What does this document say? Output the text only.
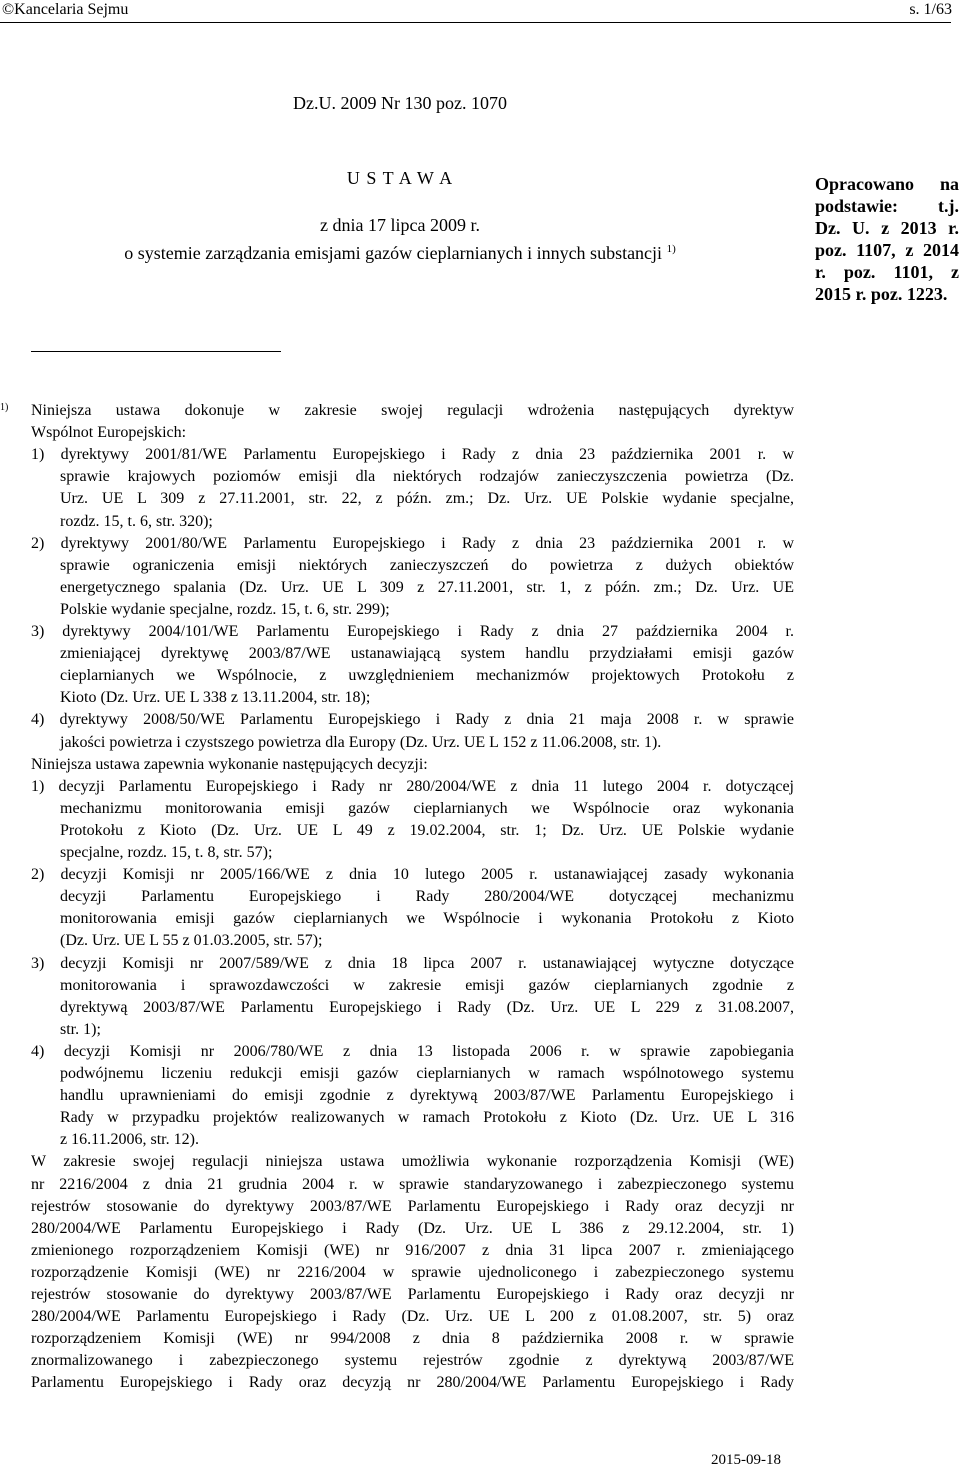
©Kancelaria Sejmu	s. 1/63
Dz.U. 2009 Nr 130 poz. 1070
U S T A W A
z dnia 17 lipca 2009 r.
o systemie zarządzania emisjami gazów cieplarnianych i innych substancji $^{1)}$
Opracowano na
podstawie: t.j.
Dz. U. z 2013 r.
poz. 1107, z 2014
r. poz. 1101, z
2015 r. poz. 1223.
1) Niniejsza ustawa dokonuje w zakresie swojej regulacji wdrożenia następujących dyrektyw
Wspólnot Europejskich:
1) dyrektywy 2001/81/WE Parlamentu Europejskiego i Rady z dnia 23 października 2001 r. w
sprawie krajowych poziomów emisji dla niektórych rodzajów zanieczyszczenia powietrza (Dz.
Urz. UE L 309 z 27.11.2001, str. 22, z późn. zm.; Dz. Urz. UE Polskie wydanie specjalne,
rozdz. 15, t. 6, str. 320);
2) dyrektywy 2001/80/WE Parlamentu Europejskiego i Rady z dnia 23 października 2001 r. w
sprawie ograniczenia emisji niektórych zanieczyszczeń do powietrza z dużych obiektów
energetycznego spalania (Dz. Urz. UE L 309 z 27.11.2001, str. 1, z późn. zm.; Dz. Urz. UE
Polskie wydanie specjalne, rozdz. 15, t. 6, str. 299);
3) dyrektywy 2004/101/WE Parlamentu Europejskiego i Rady z dnia 27 października 2004 r.
zmieniającej dyrektywę 2003/87/WE ustanawiającą system handlu przydziałami emisji gazów
cieplarnianych we Wspólnocie, z uwzględnieniem mechanizmów projektowych Protokołu z
Kioto (Dz. Urz. UE L 338 z 13.11.2004, str. 18);
4) dyrektywy 2008/50/WE Parlamentu Europejskiego i Rady z dnia 21 maja 2008 r. w sprawie
jakości powietrza i czystszego powietrza dla Europy (Dz. Urz. UE L 152 z 11.06.2008, str. 1).
Niniejsza ustawa zapewnia wykonanie następujących decyzji:
1) decyzji Parlamentu Europejskiego i Rady nr 280/2004/WE z dnia 11 lutego 2004 r. dotyczącej
mechanizmu monitorowania emisji gazów cieplarnianych we Wspólnocie oraz wykonania
Protokołu z Kioto (Dz. Urz. UE L 49 z 19.02.2004, str. 1; Dz. Urz. UE Polskie wydanie
specjalne, rozdz. 15, t. 8, str. 57);
2) decyzji Komisji nr 2005/166/WE z dnia 10 lutego 2005 r. ustanawiającej zasady wykonania
decyzji Parlamentu Europejskiego i Rady 280/2004/WE dotyczącej mechanizmu
monitorowania emisji gazów cieplarnianych we Wspólnocie i wykonania Protokołu z Kioto
(Dz. Urz. UE L 55 z 01.03.2005, str. 57);
3) decyzji Komisji nr 2007/589/WE z dnia 18 lipca 2007 r. ustanawiającej wytyczne dotyczące
monitorowania i sprawozdawczości w zakresie emisji gazów cieplarnianych zgodnie z
dyrektywą 2003/87/WE Parlamentu Europejskiego i Rady (Dz. Urz. UE L 229 z 31.08.2007,
str. 1);
4) decyzji Komisji nr 2006/780/WE z dnia 13 listopada 2006 r. w sprawie zapobiegania
podwójnemu liczeniu redukcji emisji gazów cieplarnianych w ramach wspólnotowego systemu
handlu uprawnieniami do emisji zgodnie z dyrektywą 2003/87/WE Parlamentu Europejskiego i
Rady w przypadku projektów realizowanych w ramach Protokołu z Kioto (Dz. Urz. UE L 316
z 16.11.2006, str. 12).
W zakresie swojej regulacji niniejsza ustawa umożliwia wykonanie rozporządzenia Komisji (WE)
nr 2216/2004 z dnia 21 grudnia 2004 r. w sprawie standaryzowanego i zabezpieczonego systemu
rejestrów stosowanie do dyrektywy 2003/87/WE Parlamentu Europejskiego i Rady oraz decyzji nr
280/2004/WE Parlamentu Europejskiego i Rady (Dz. Urz. UE L 386 z 29.12.2004, str. 1)
zmienionego rozporządzeniem Komisji (WE) nr 916/2007 z dnia 31 lipca 2007 r. zmieniającego
rozporządzenie Komisji (WE) nr 2216/2004 w sprawie ujednoliconego i zabezpieczonego systemu
rejestrów stosowanie do dyrektywy 2003/87/WE Parlamentu Europejskiego i Rady oraz decyzji nr
280/2004/WE Parlamentu Europejskiego i Rady (Dz. Urz. UE L 200 z 01.08.2007, str. 5) oraz
rozporządzeniem Komisji (WE) nr 994/2008 z dnia 8 października 2008 r. w sprawie
znormalizowanego i zabezpieczonego systemu rejestrów zgodnie z dyrektywą 2003/87/WE
Parlamentu Europejskiego i Rady oraz decyzją nr 280/2004/WE Parlamentu Europejskiego i Rady
2015-09-18
